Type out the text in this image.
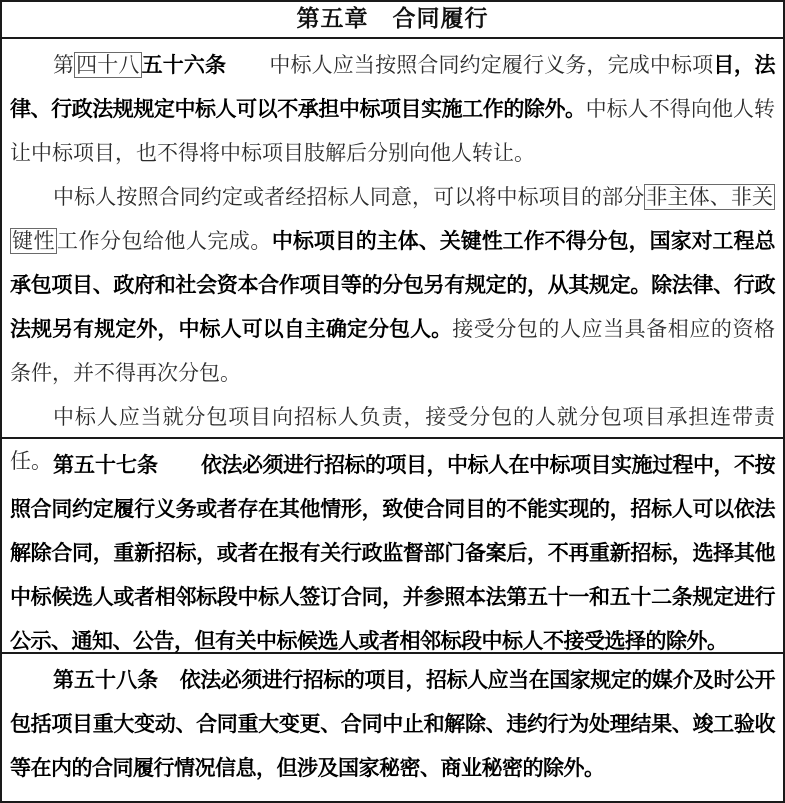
第五章　合同履行

第四十八五十六条　　 中标人应当按照合同约定履行义务，完成中标项目，法律、行政法规规定中标人可以不承担中标项目实施工作的除外。中标人不得向他人转让中标项目，也不得将中标项目肢解后分别向他人转让。

中标人按照合同约定或者经招标人同意，可以将中标项目的部分非主体、非关键性工作分包给他人完成。中标项目的主体、关键性工作不得分包，国家对工程总承包项目、政府和社会资本合作项目等的分包另有规定的，从其规定。除法律、行政法规另有规定外，中标人可以自主确定分包人。接受分包的人应当具备相应的资格条件，并不得再次分包。

中标人应当就分包项目向招标人负责，接受分包的人就分包项目承担连带责任。 第五十七条　　 依法必须进行招标的项目，中标人在中标项目实施过程中，不按照合同约定履行义务或者存在其他情形，致使合同目的不能实现的，招标人可以依法解除合同，重新招标，或者在报有关行政监督部门备案后，不再重新招标，选择其他中标候选人或者相邻标段中标人签订合同，并参照本法第五十一和五十二条规定进行公示、通知、公告，但有关中标候选人或者相邻标段中标人不接受选择的除外。

第五十八条　 依法必须进行招标的项目，招标人应当在国家规定的媒介及时公开包括项目重大变动、合同重大变更、合同中止和解除、违约行为处理结果、竣工验收等在内的合同履行情况信息，但涉及国家秘密、商业秘密的除外。
